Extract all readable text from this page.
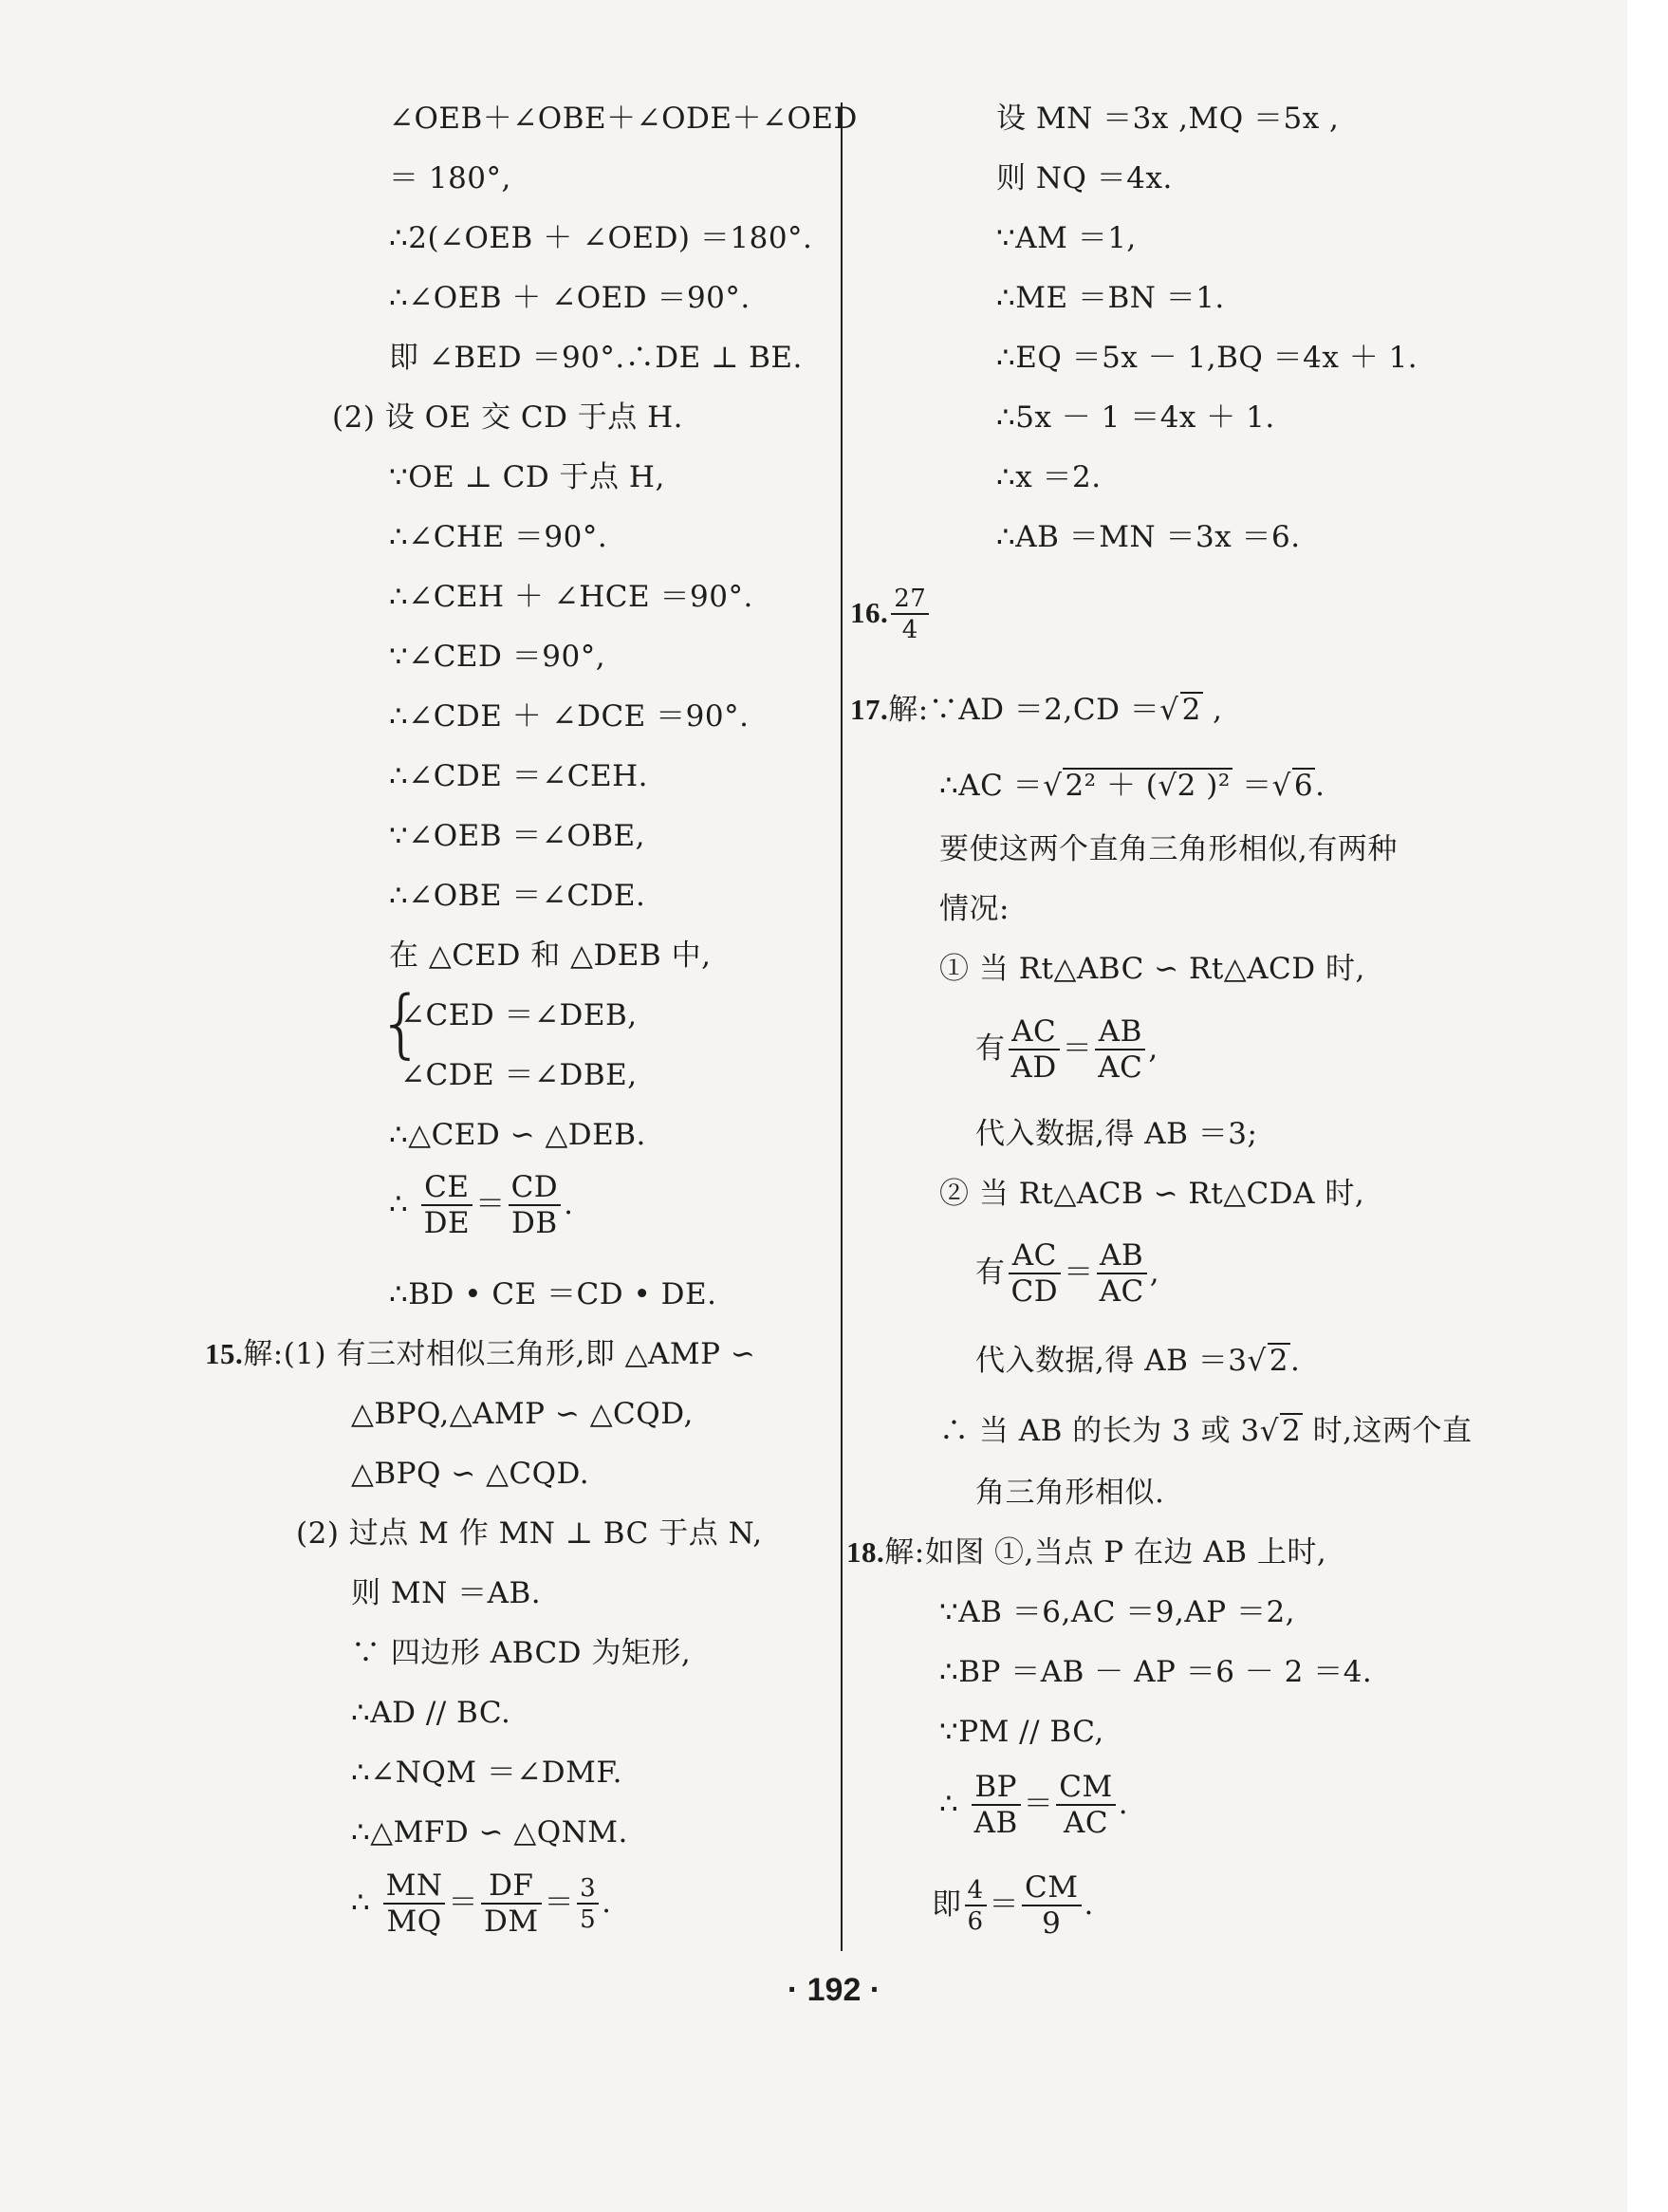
∠OEB＋∠OBE＋∠ODE＋∠OED
＝ 180°,
∴2(∠OEB ＋ ∠OED) ＝180°.
∴∠OEB ＋ ∠OED ＝90°.
即 ∠BED ＝90°.∴DE ⊥ BE.
(2) 设 OE 交 CD 于点 H.
∵OE ⊥ CD 于点 H,
∴∠CHE ＝90°.
∴∠CEH ＋ ∠HCE ＝90°.
∵∠CED ＝90°,
∴∠CDE ＋ ∠DCE ＝90°.
∴∠CDE ＝∠CEH.
∵∠OEB ＝∠OBE,
∴∠OBE ＝∠CDE.
在 △CED 和 △DEB 中,
{
∠CED ＝∠DEB,
∠CDE ＝∠DBE,
∴△CED ∽ △DEB.
∴ $\frac{CE}{DE} = \frac{CD}{DB}$ .
∴BD • CE ＝CD • DE.
15.解:(1) 有三对相似三角形,即 △AMP ∽
△BPQ,△AMP ∽ △CQD,
△BPQ ∽ △CQD.
(2) 过点 M 作 MN ⊥ BC 于点 N,
则 MN ＝AB.
∵ 四边形 ABCD 为矩形,
∴AD // BC.
∴∠NQM ＝∠DMF.
∴△MFD ∽ △QNM.
∴ $\frac{MN}{MQ} = \frac{DF}{DM} = \frac{3}{5}$ .
设 MN ＝3x ,MQ ＝5x ,
则 NQ ＝4x.
∵AM ＝1,
∴ME ＝BN ＝1.
∴EQ ＝5x － 1,BQ ＝4x ＋ 1.
∴5x － 1 ＝4x ＋ 1.
∴x ＝2.
∴AB ＝MN ＝3x ＝6.
16. $\frac{27}{4}$
17.解:∵AD ＝2,CD ＝√2 ,
∴AC ＝√2² ＋ (√2 )² ＝√6.
要使这两个直角三角形相似,有两种
情况:
① 当 Rt△ABC ∽ Rt△ACD 时,
有 $\frac{AC}{AD} = \frac{AB}{AC}$ ,
代入数据,得 AB ＝3;
② 当 Rt△ACB ∽ Rt△CDA 时,
有 $\frac{AC}{CD} = \frac{AB}{AC}$ ,
代入数据,得 AB ＝3√2.
∴ 当 AB 的长为 3 或 3√2 时,这两个直
角三角形相似.
18.解:如图 ①,当点 P 在边 AB 上时,
∵AB ＝6,AC ＝9,AP ＝2,
∴BP ＝AB － AP ＝6 － 2 ＝4.
∵PM // BC,
∴ $\frac{BP}{AB} = \frac{CM}{AC}$ .
即 $\frac{4}{6} = \frac{CM}{9}$ .
· 192 ·
